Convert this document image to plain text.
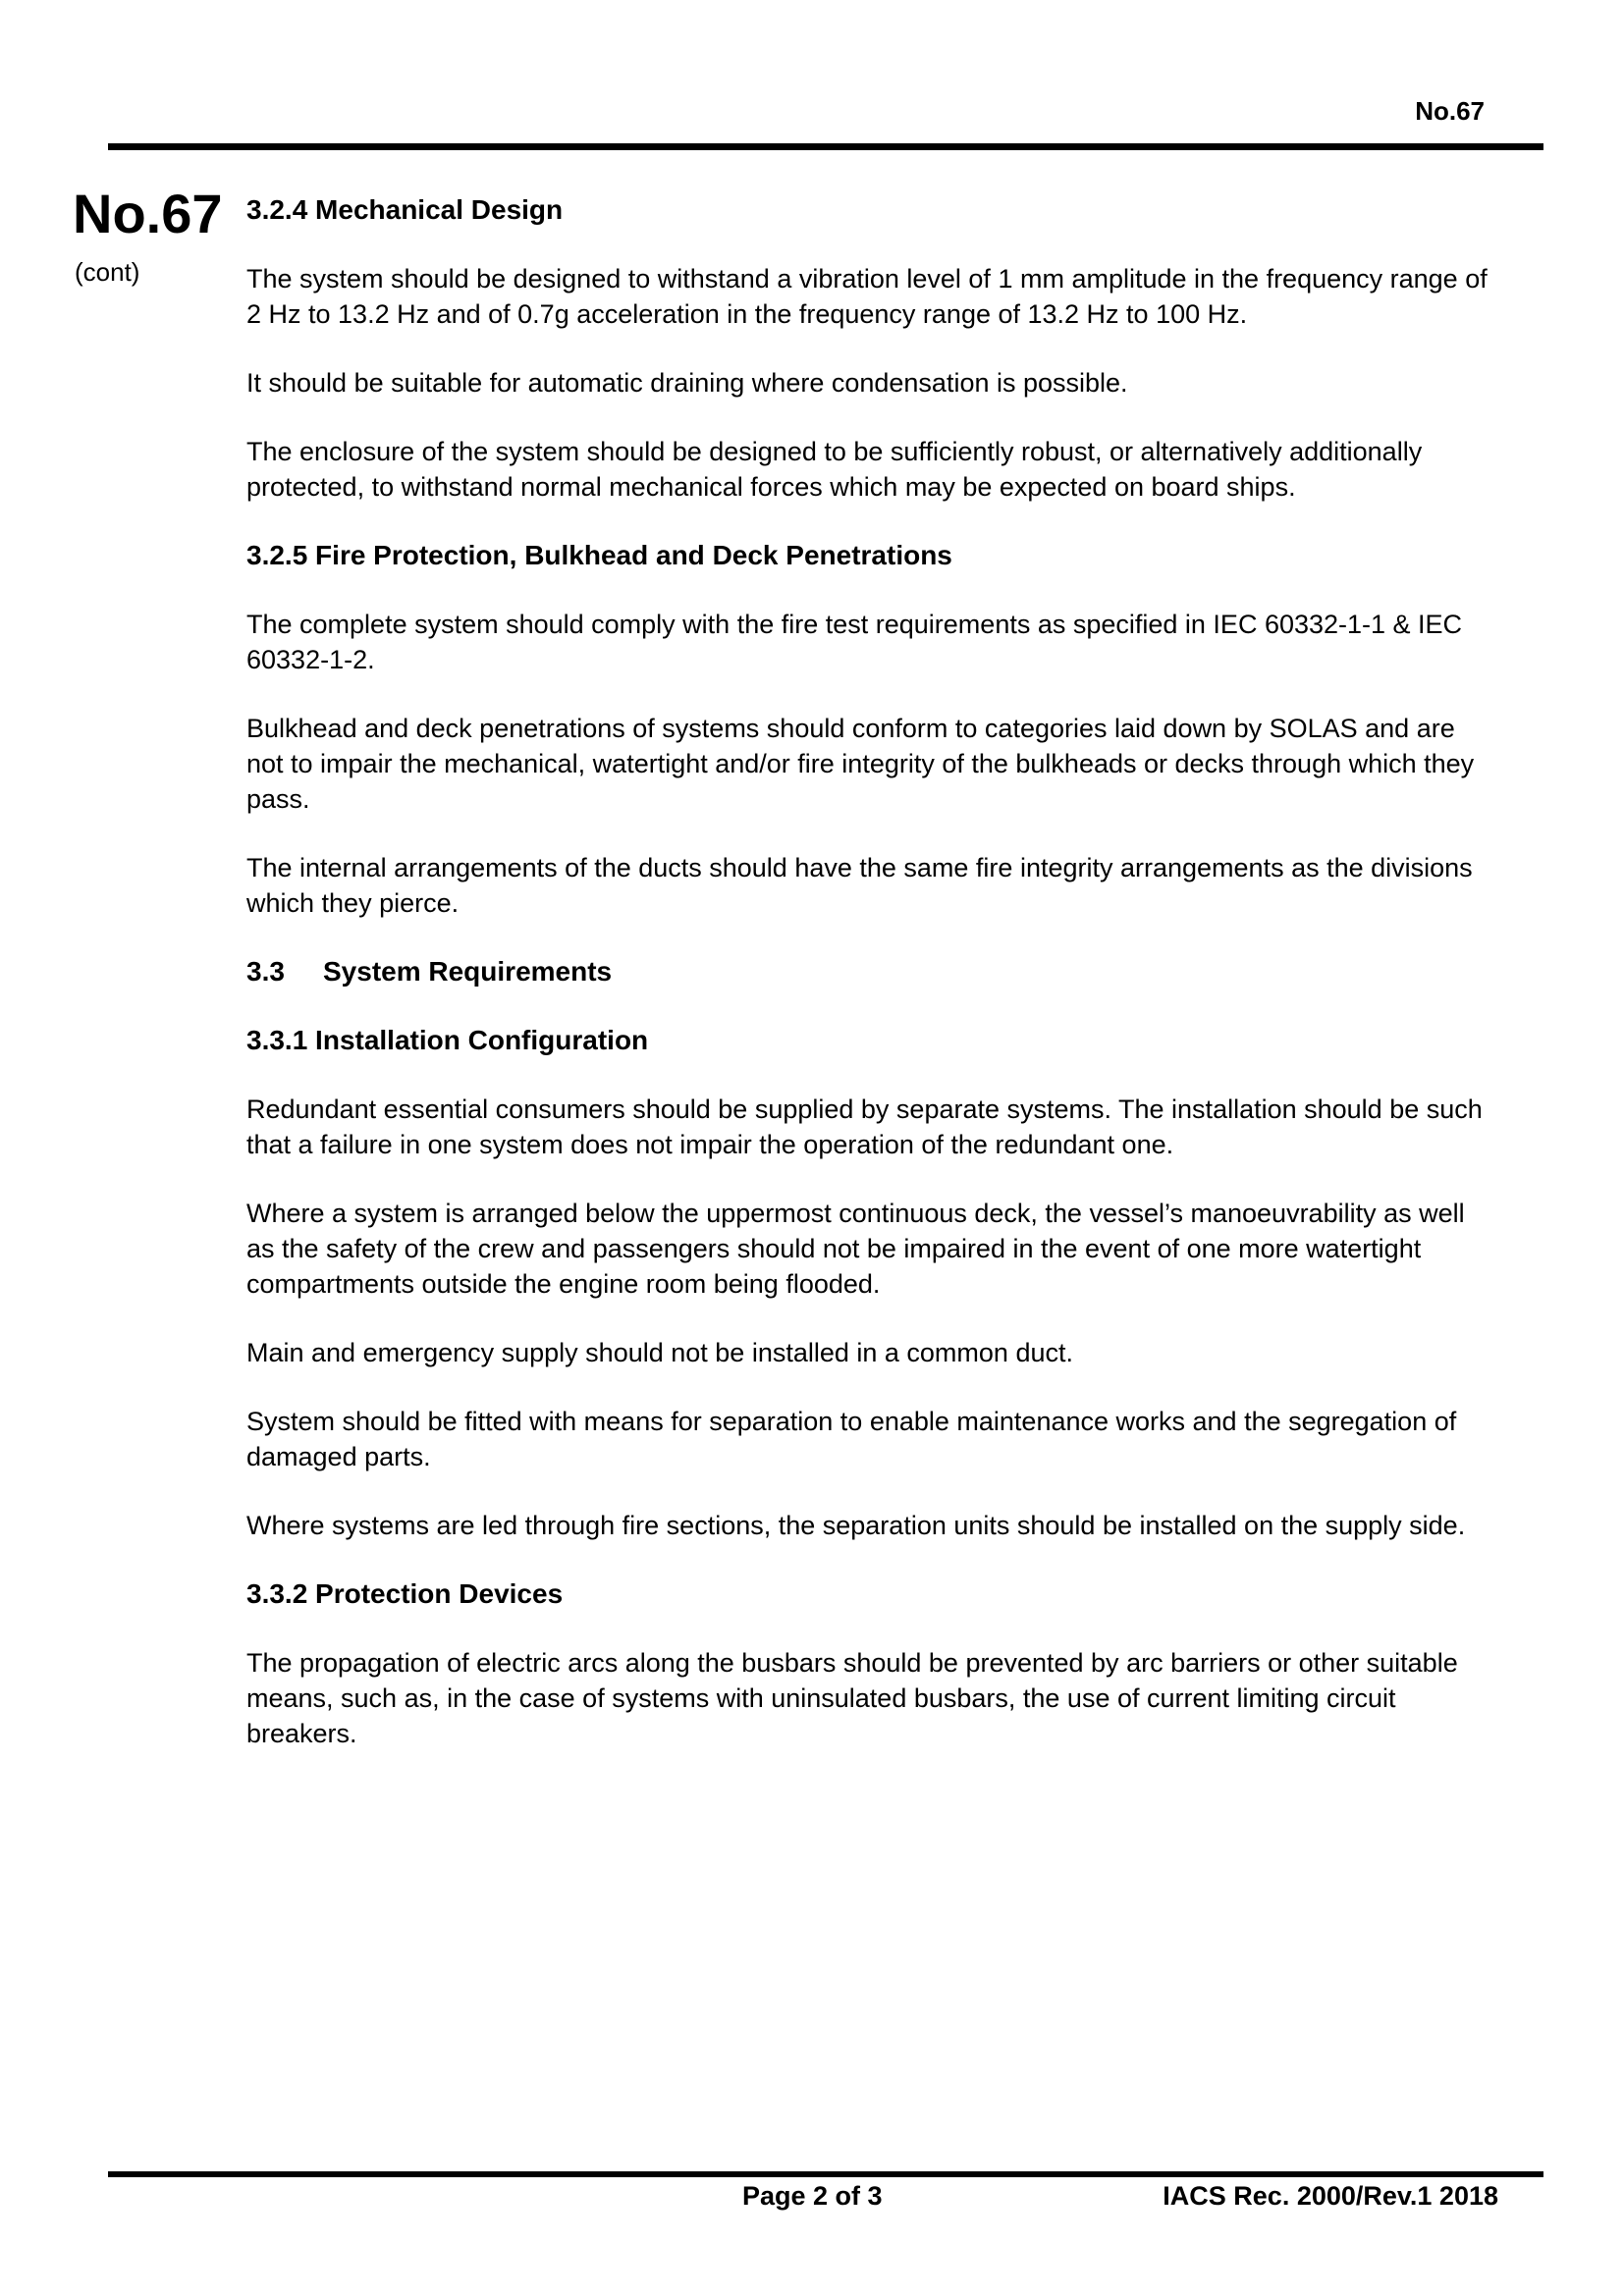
No.67
No.67
(cont)
3.2.4 Mechanical Design

The system should be designed to withstand a vibration level of 1 mm amplitude in the frequency range of 2 Hz to 13.2 Hz and of 0.7g acceleration in the frequency range of 13.2 Hz to 100 Hz.

It should be suitable for automatic draining where condensation is possible.

The enclosure of the system should be designed to be sufficiently robust, or alternatively additionally protected, to withstand normal mechanical forces which may be expected on board ships.

3.2.5 Fire Protection, Bulkhead and Deck Penetrations

The complete system should comply with the fire test requirements as specified in IEC 60332-1-1 & IEC 60332-1-2.

Bulkhead and deck penetrations of systems should conform to categories laid down by SOLAS and are not to impair the mechanical, watertight and/or fire integrity of the bulkheads or decks through which they pass.

The internal arrangements of the ducts should have the same fire integrity arrangements as the divisions which they pierce.

3.3 System Requirements
3.3.1 Installation Configuration

Redundant essential consumers should be supplied by separate systems. The installation should be such that a failure in one system does not impair the operation of the redundant one.

Where a system is arranged below the uppermost continuous deck, the vessel’s manoeuvrability as well as the safety of the crew and passengers should not be impaired in the event of one more watertight compartments outside the engine room being flooded.

Main and emergency supply should not be installed in a common duct.

System should be fitted with means for separation to enable maintenance works and the segregation of damaged parts.

Where systems are led through fire sections, the separation units should be installed on the supply side.

3.3.2 Protection Devices

The propagation of electric arcs along the busbars should be prevented by arc barriers or other suitable means, such as, in the case of systems with uninsulated busbars, the use of current limiting circuit breakers.

Page 2 of 3	IACS Rec. 2000/Rev.1 2018
